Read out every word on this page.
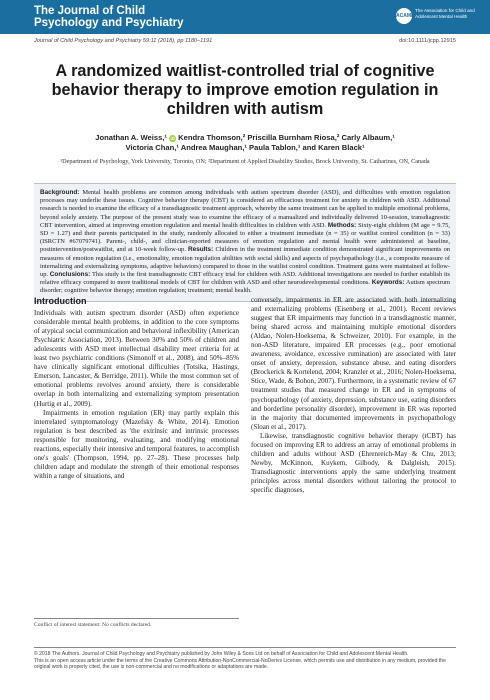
The Journal of Child
Psychology and Psychiatry
ACAMH
The Association for Child and Adolescent Mental Health
Journal of Child Psychology and Psychiatry 59:11 (2018), pp 1180–1191	doi:10.1111/jcpp.12915
A randomized waitlist-controlled trial of cognitive behavior therapy to improve emotion regulation in children with autism
Jonathan A. Weiss,¹ iD Kendra Thomson,² Priscilla Burnham Riosa,² Carly Albaum,¹
Victoria Chan,¹ Andrea Maughan,¹ Paula Tablon,¹ and Karen Black¹
¹Department of Psychology, York University, Toronto, ON; ²Department of Applied Disability Studies, Brock University, St. Catharines, ON, Canada
Background: Mental health problems are common among individuals with autism spectrum disorder (ASD), and difficulties with emotion regulation processes may underlie these issues. Cognitive behavior therapy (CBT) is considered an efficacious treatment for anxiety in children with ASD. Additional research is needed to examine the efficacy of a transdiagnostic treatment approach, whereby the same treatment can be applied to multiple emotional problems, beyond solely anxiety. The purpose of the present study was to examine the efficacy of a manualized and individually delivered 10-session, transdiagnostic CBT intervention, aimed at improving emotion regulation and mental health difficulties in children with ASD. Methods: Sixty-eight children (M age = 9.75, SD = 1.27) and their parents participated in the study, randomly allocated to either a treatment immediate (n = 35) or waitlist control condition (n = 33) (ISRCTN #67079741). Parent-, child-, and clinician-reported measures of emotion regulation and mental health were administered at baseline, postintervention/postwaitlist, and at 10-week follow-up. Results: Children in the treatment immediate condition demonstrated significant improvements on measures of emotion regulation (i.e., emotionality, emotion regulation abilities with social skills) and aspects of psychopathology (i.e., a composite measure of internalizing and externalizing symptoms, adaptive behaviors) compared to those in the waitlist control condition. Treatment gains were maintained at follow-up. Conclusions: This study is the first transdiagnostic CBT efficacy trial for children with ASD. Additional investigations are needed to further establish its relative efficacy compared to more traditional models of CBT for children with ASD and other neurodevelopmental conditions. Keywords: Autism spectrum disorder; cognitive behavior therapy; emotion regulation; treatment; mental health.
Introduction

Individuals with autism spectrum disorder (ASD) often experience considerable mental health problems, in addition to the core symptoms of atypical social communication and behavioral inflexibility (American Psychiatric Association, 2013). Between 30% and 50% of children and adolescents with ASD meet intellectual disability meet criteria for at least two psychiatric conditions (Simonoff et al., 2008), and 50%–85% have clinically significant emotional difficulties (Totsika, Hastings, Emerson, Lancaster, & Berridge, 2011). While the most common set of emotional problems revolves around anxiety, there is considerable overlap in both internalizing and externalizing symptom presentation (Hurtig et al., 2009).

Impairments in emotion regulation (ER) may partly explain this interrelated symptomatology (Mazefsky & White, 2014). Emotion regulation is best described as 'the extrinsic and intrinsic processes responsible for monitoring, evaluating, and modifying emotional reactions, especially their intensive and temporal features, to accomplish one's goals' (Thompson, 1994, pp. 27–28). These processes help children adapt and modulate the strength of their emotional responses within a range of situations, and

conversely, impairments in ER are associated with both internalizing and externalizing problems (Eisenberg et al., 2001). Recent reviews suggest that ER impairments may function in a transdiagnostic manner, being shared across and maintaining multiple emotional disorders (Aldao, Nolen-Hoeksema, & Schweizer, 2010). For example, in the non-ASD literature, impaired ER processes (e.g., poor emotional awareness, avoidance, excessive rumination) are associated with later onset of anxiety, depression, substance abuse, and eating disorders (Brockerick & Kortelend, 2004; Kranzler et al., 2016; Nolen-Hoeksema, Stice, Wade, & Bohon, 2007). Furthermore, in a systematic review of 67 treatment studies that measured change in ER and in symptoms of psychopathology (of anxiety, depression, substance use, eating disorders and borderline personality disorder), improvement in ER was reported in the majority that documented improvements in psychopathology (Sloan et al., 2017).

Likewise, transdiagnostic cognitive behavior therapy (tCBT) has focused on improving ER to address an array of emotional problems in children and adults without ASD (Ehrenreich-May & Chu, 2013; Newby, McKinnon, Kuykem, Gilbody, & Dalgleish, 2015). Transdiagnostic interventions apply the same underlying treatment principles across mental disorders without tailoring the protocol to specific diagnoses,

Conflict of interest statement: No conflicts declared.
© 2018 The Authors. Journal of Child Psychology and Psychiatry published by John Wiley & Sons Ltd on behalf of Association for Child and Adolescent Mental Health.
This is an open access article under the terms of the Creative Commons Attribution-NonCommercial-NoDerivs License, which permits use and distribution in any medium, provided the original work is properly cited, the use is non-commercial and no modifications or adaptations are made.
